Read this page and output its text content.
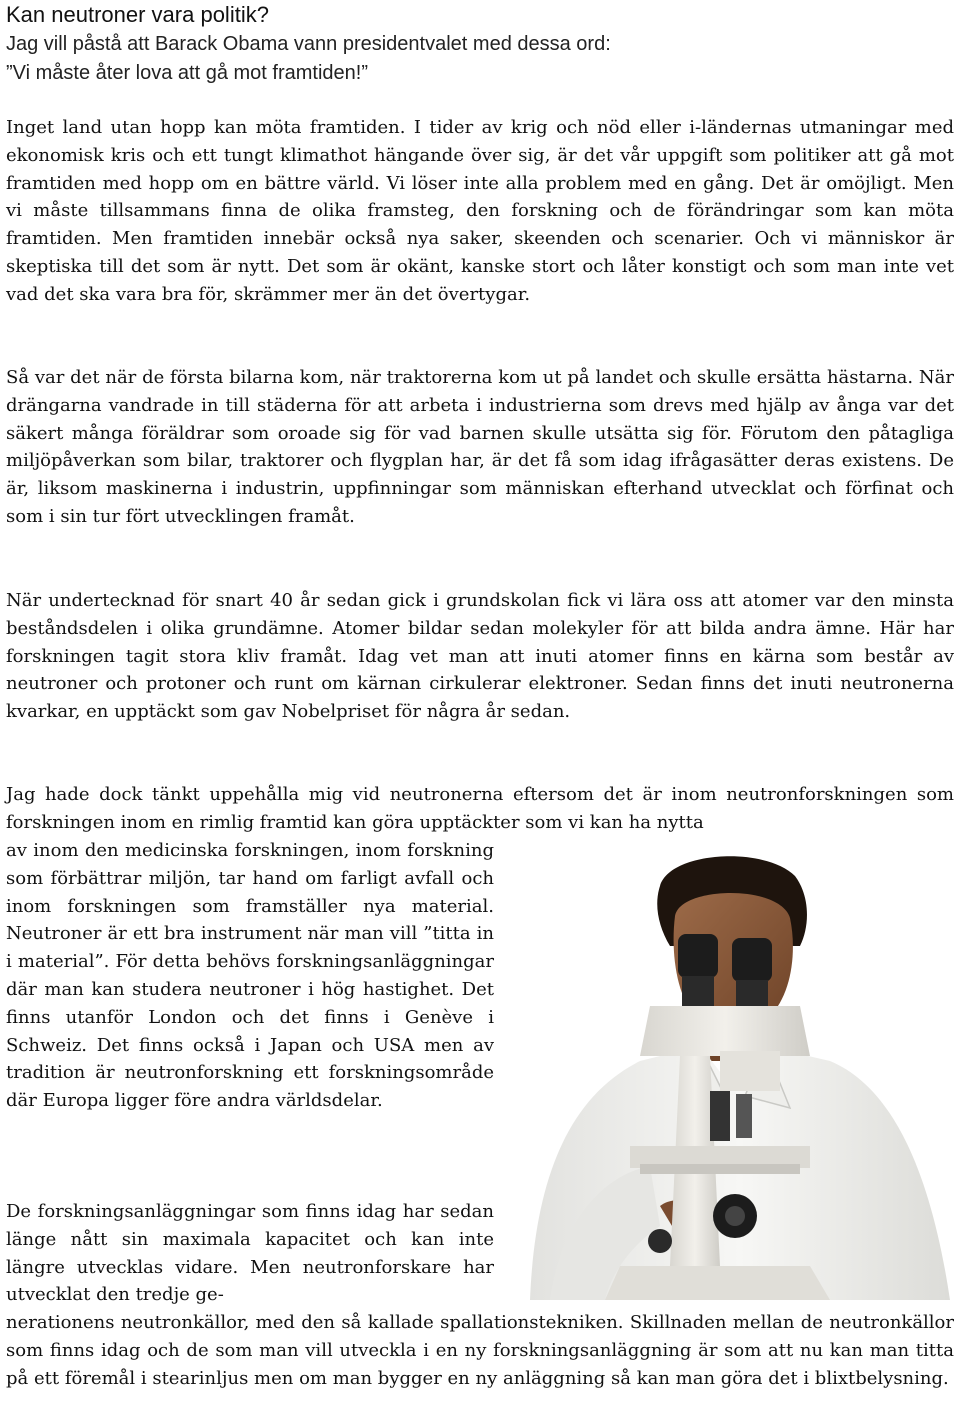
Kan neutroner vara politik?
Jag vill påstå att Barack Obama vann presidentvalet med dessa ord:
”Vi måste åter lova att gå mot framtiden!”

Inget land utan hopp kan möta framtiden. I tider av krig och nöd eller i-ländernas utmaningar med ekonomisk kris och ett tungt klimathot hängande över sig, är det vår uppgift som politiker att gå mot framtiden med hopp om en bättre värld. Vi löser inte alla problem med en gång. Det är omöjligt. Men vi måste tillsammans finna de olika framsteg, den forskning och de förändringar som kan möta framtiden. Men framtiden innebär också nya saker, skeenden och scenarier. Och vi människor är skeptiska till det som är nytt. Det som är okänt, kanske stort och låter konstigt och som man inte vet vad det ska vara bra för, skrämmer mer än det övertygar.

Så var det när de första bilarna kom, när traktorerna kom ut på landet och skulle ersätta hästarna. När drängarna vandrade in till städerna för att arbeta i industrierna som drevs med hjälp av ånga var det säkert många föräldrar som oroade sig för vad barnen skulle utsätta sig för. Förutom den påtagliga miljöpåverkan som bilar, traktorer och flygplan har, är det få som idag ifrågasätter deras existens. De är, liksom maskinerna i industrin, uppfinningar som människan efterhand utvecklat och förfinat och som i sin tur fört utvecklingen framåt.

När undertecknad för snart 40 år sedan gick i grundskolan fick vi lära oss att atomer var den minsta beståndsdelen i olika grundämne. Atomer bildar sedan molekyler för att bilda andra ämne. Här har forskningen tagit stora kliv framåt. Idag vet man att inuti atomer finns en kärna som består av neutroner och protoner och runt om kärnan cirkulerar elektroner. Sedan finns det inuti neutronerna kvarkar, en upptäckt som gav Nobelpriset för några år sedan.

Jag hade dock tänkt uppehålla mig vid neutronerna eftersom det är inom neutronforskningen som forskningen inom en rimlig framtid kan göra upptäckter som vi kan ha nytta

av inom den medicinska forskningen, inom forskning som förbättrar miljön, tar hand om farligt avfall och inom forskningen som framställer nya material. Neutroner är ett bra instrument när man vill ”titta in i material”. För detta behövs forskningsanläggningar där man kan studera neutroner i hög hastighet. Det finns utanför London och det finns i Genève i Schweiz. Det finns också i Japan och USA men av tradition är neutronforskning ett forskningsområde där Europa ligger före andra världsdelar.

De forskningsanläggningar som finns idag har sedan länge nått sin maximala kapacitet och kan inte längre utvecklas vidare. Men neutronforskare har utvecklat den tredje ge-

nerationens neutronkällor, med den så kallade spallationstekniken. Skillnaden mellan de neutronkällor som finns idag och de som man vill utveckla i en ny forskningsanläggning är som att nu kan man titta på ett föremål i stearinljus men om man bygger en ny anläggning så kan man göra det i blixtbelysning.
